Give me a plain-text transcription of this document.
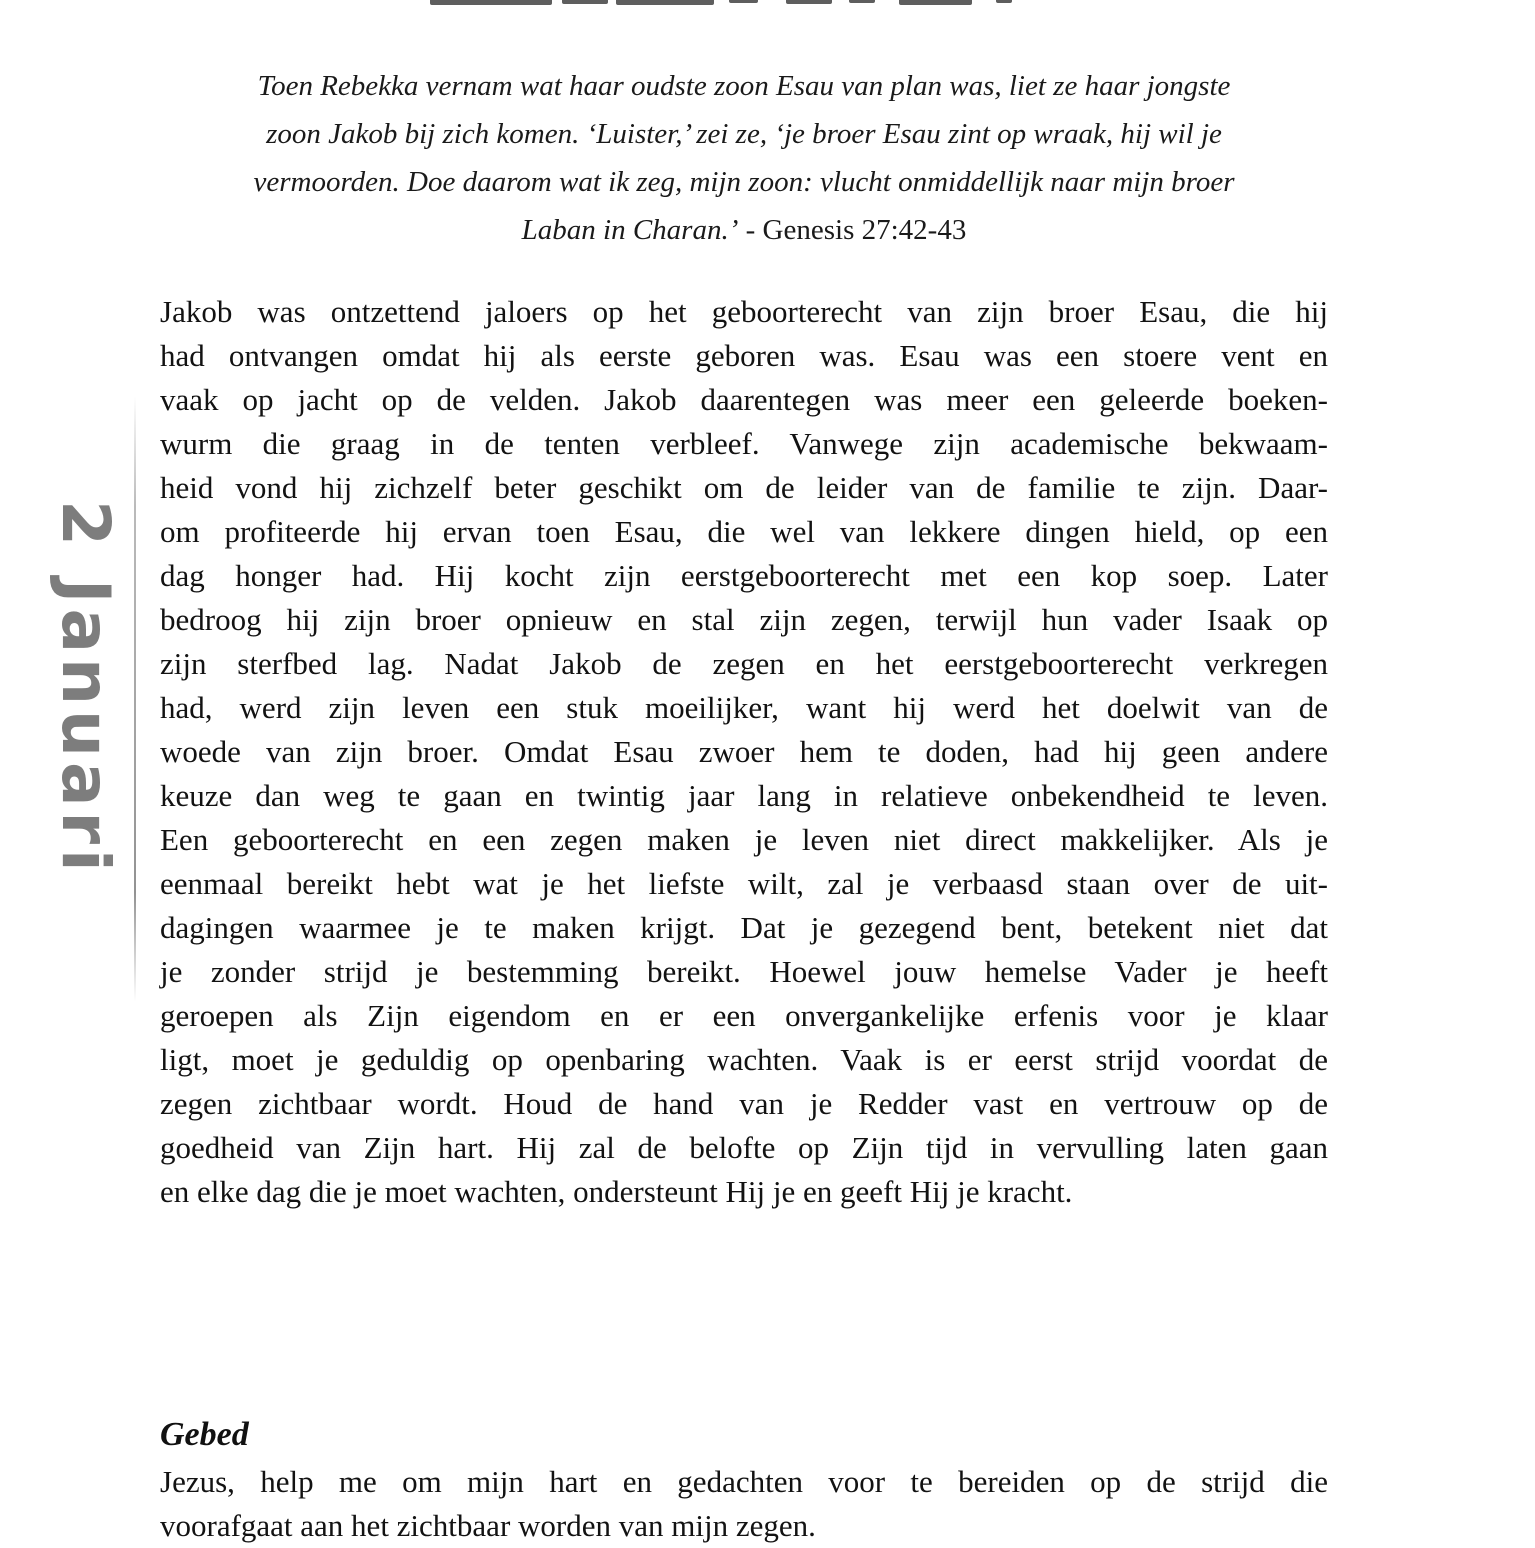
Toen Rebekka vernam wat haar oudste zoon Esau van plan was, liet ze haar jongste
zoon Jakob bij zich komen. ‘Luister,’ zei ze, ‘je broer Esau zint op wraak, hij wil je
vermoorden. Doe daarom wat ik zeg, mijn zoon: vlucht onmiddellijk naar mijn broer
Laban in Charan.’ - Genesis 27:42-43
2 Januari
Jakob was ontzettend jaloers op het geboorterecht van zijn broer Esau, die hij
had ontvangen omdat hij als eerste geboren was. Esau was een stoere vent en
vaak op jacht op de velden. Jakob daarentegen was meer een geleerde boeken-
wurm die graag in de tenten verbleef. Vanwege zijn academische bekwaam-
heid vond hij zichzelf beter geschikt om de leider van de familie te zijn. Daar-
om profiteerde hij ervan toen Esau, die wel van lekkere dingen hield, op een
dag honger had. Hij kocht zijn eerstgeboorterecht met een kop soep. Later
bedroog hij zijn broer opnieuw en stal zijn zegen, terwijl hun vader Isaak op
zijn sterfbed lag. Nadat Jakob de zegen en het eerstgeboorterecht verkregen
had, werd zijn leven een stuk moeilijker, want hij werd het doelwit van de
woede van zijn broer. Omdat Esau zwoer hem te doden, had hij geen andere
keuze dan weg te gaan en twintig jaar lang in relatieve onbekendheid te leven.
Een geboorterecht en een zegen maken je leven niet direct makkelijker. Als je
eenmaal bereikt hebt wat je het liefste wilt, zal je verbaasd staan over de uit-
dagingen waarmee je te maken krijgt. Dat je gezegend bent, betekent niet dat
je zonder strijd je bestemming bereikt. Hoewel jouw hemelse Vader je heeft
geroepen als Zijn eigendom en er een onvergankelijke erfenis voor je klaar
ligt, moet je geduldig op openbaring wachten. Vaak is er eerst strijd voordat de
zegen zichtbaar wordt. Houd de hand van je Redder vast en vertrouw op de
goedheid van Zijn hart. Hij zal de belofte op Zijn tijd in vervulling laten gaan
en elke dag die je moet wachten, ondersteunt Hij je en geeft Hij je kracht.
Gebed
Jezus, help me om mijn hart en gedachten voor te bereiden op de strijd die
voorafgaat aan het zichtbaar worden van mijn zegen.
